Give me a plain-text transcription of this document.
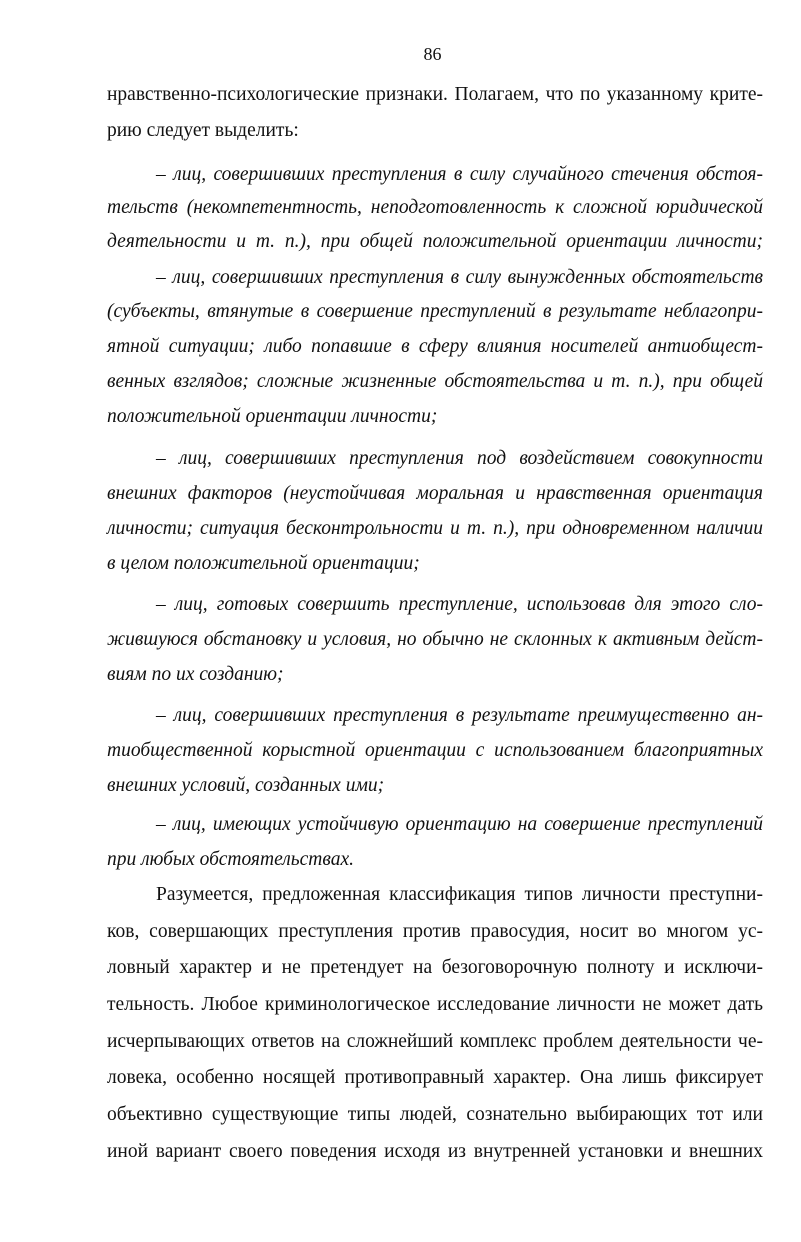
86
нравственно-психологические признаки. Полагаем, что по указанному крите-
рию следует выделить:
– лиц, совершивших преступления в силу случайного стечения обстоя-
тельств (некомпетентность, неподготовленность к сложной юридической
деятельности и т. п.), при общей положительной ориентации личности;
– лиц, совершивших преступления в силу вынужденных обстоятельств
(субъекты, втянутые в совершение преступлений в результате неблагопри-
ятной ситуации; либо попавшие в сферу влияния носителей антиобщест-
венных взглядов; сложные жизненные обстоятельства и т. п.), при общей
положительной ориентации личности;
– лиц, совершивших преступления под воздействием совокупности
внешних факторов (неустойчивая моральная и нравственная ориентация
личности; ситуация бесконтрольности и т. п.), при одновременном наличии
в целом положительной ориентации;
– лиц, готовых совершить преступление, использовав для этого сло-
жившуюся обстановку и условия, но обычно не склонных к активным дейст-
виям по их созданию;
– лиц, совершивших преступления в результате преимущественно ан-
тиобщественной корыстной ориентации с использованием благоприятных
внешних условий, созданных ими;
– лиц, имеющих устойчивую ориентацию на совершение преступлений
при любых обстоятельствах.
Разумеется, предложенная классификация типов личности преступни-
ков, совершающих преступления против правосудия, носит во многом ус-
ловный характер и не претендует на безоговорочную полноту и исключи-
тельность. Любое криминологическое исследование личности не может дать
исчерпывающих ответов на сложнейший комплекс проблем деятельности че-
ловека, особенно носящей противоправный характер. Она лишь фиксирует
объективно существующие типы людей, сознательно выбирающих тот или
иной вариант своего поведения исходя из внутренней установки и внешних
